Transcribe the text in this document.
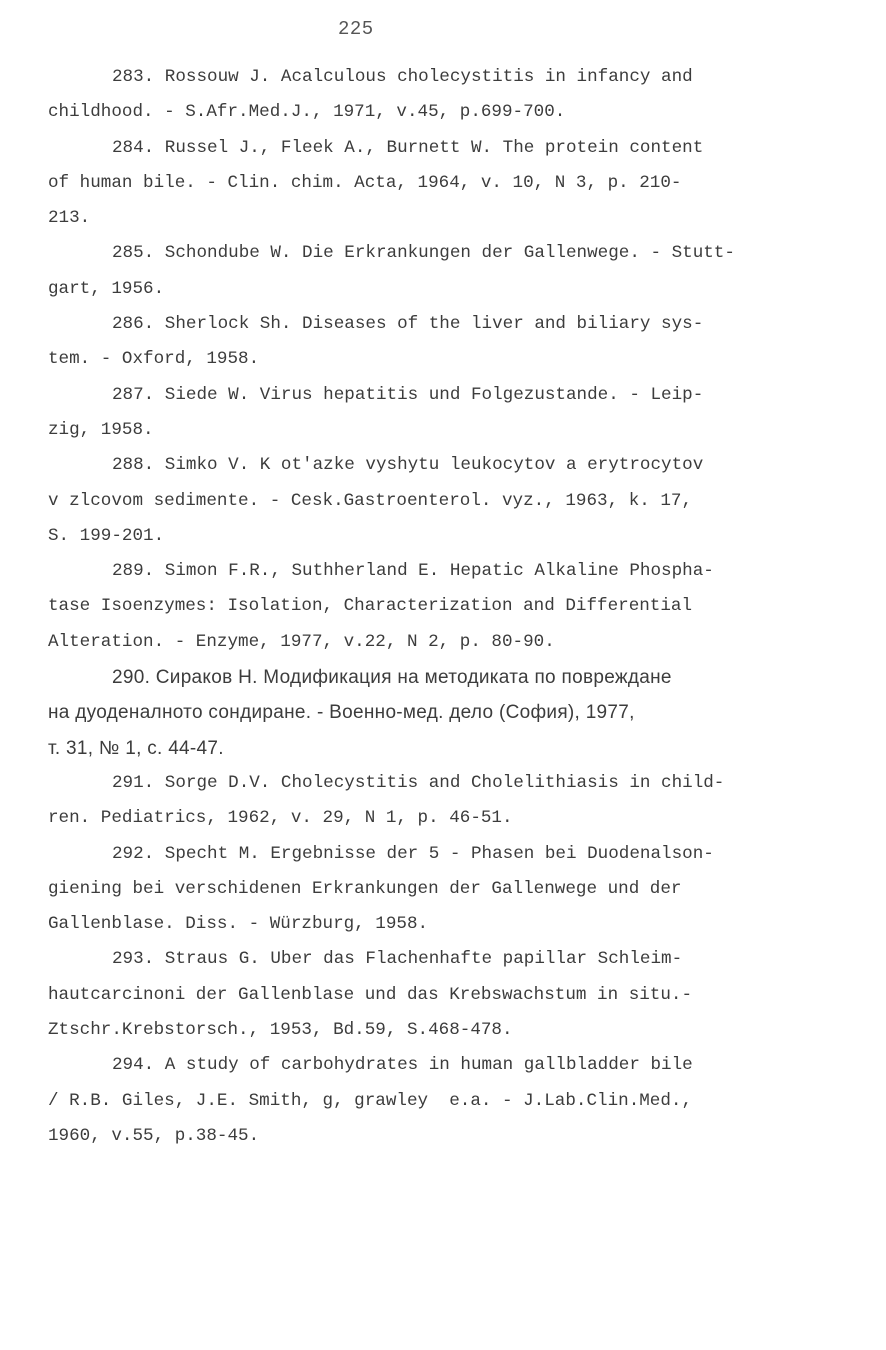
225
283. Rossouw J. Acalculous cholecystitis in infancy and
childhood. - S.Afr.Med.J., 1971, v.45, p.699-700.
284. Russel J., Fleek A., Burnett W. The protein content
of human bile. - Clin. chim. Acta, 1964, v. 10, N 3, p. 210-
213.
285. Schondube W. Die Erkrankungen der Gallenwege. - Stutt-
gart, 1956.
286. Sherlock Sh. Diseases of the liver and biliary sys-
tem. - Oxford, 1958.
287. Siede W. Virus hepatitis und Folgezustande. - Leip-
zig, 1958.
288. Simko V. K ot'azke vyshytu leukocytov a erytrocytov
v zlcovom sedimente. - Cesk.Gastroenterol. vyz., 1963, k. 17,
S. 199-201.
289. Simon F.R., Suthherland E. Hepatic Alkaline Phospha-
tase Isoenzymes: Isolation, Characterization and Differential
Alteration. - Enzyme, 1977, v.22, N 2, p. 80-90.
290. Сираков Н. Модификация на методиката по повреждане
на дуоденалното сондиране. - Военно-мед. дело (София), 1977,
т. 31, № 1, с. 44-47.
291. Sorge D.V. Cholecystitis and Cholelithiasis in child-
ren. Pediatrics, 1962, v. 29, N 1, p. 46-51.
292. Specht M. Ergebnisse der 5 - Phasen bei Duodenalson-
giening bei verschidenen Erkrankungen der Gallenwege und der
Gallenblase. Diss. - Würzburg, 1958.
293. Straus G. Uber das Flachenhafte papillar Schleim-
hautcarcinoni der Gallenblase und das Krebswachstum in situ.-
Ztschr.Krebstorsch., 1953, Bd.59, S.468-478.
294. A study of carbohydrates in human gallbladder bile
/ R.B. Giles, J.E. Smith, g, grawley  e.a. - J.Lab.Clin.Med.,
1960, v.55, p.38-45.
